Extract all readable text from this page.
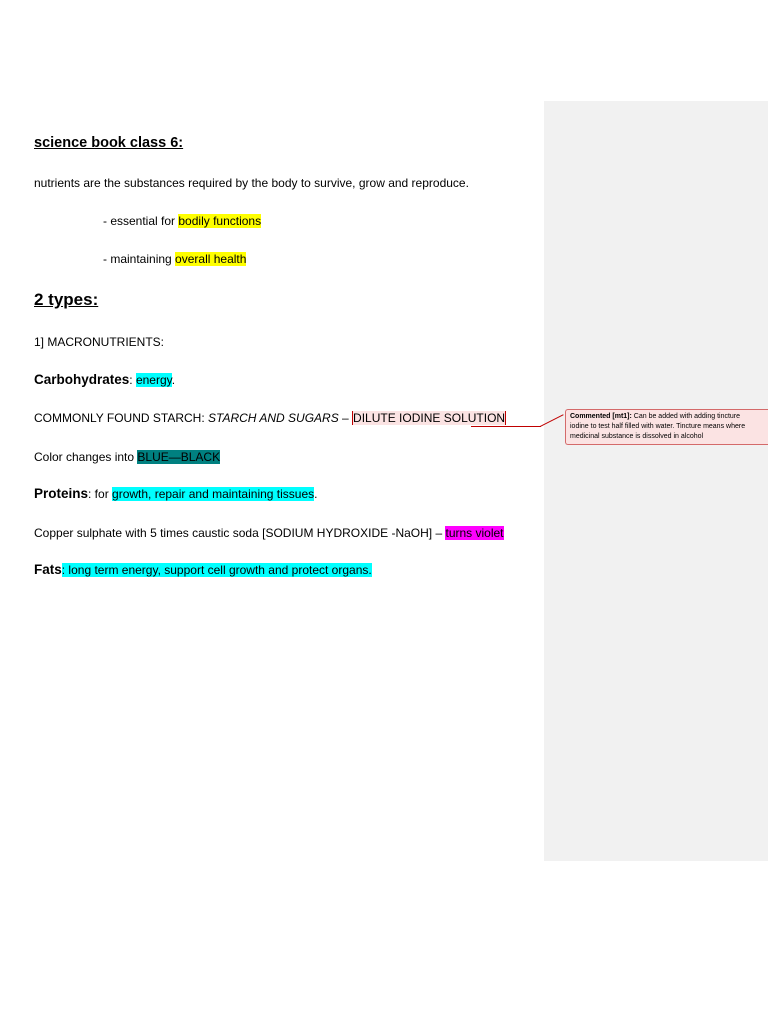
science book class 6:
nutrients are the substances required by the body to survive, grow and reproduce.
- essential for bodily functions
- maintaining overall health
2 types:
1] MACRONUTRIENTS:
Carbohydrates: energy.
COMMONLY FOUND STARCH: STARCH AND SUGARS – DILUTE IODINE SOLUTION	Commented [mt1]: Can be added with adding tincture
iodine to test half filled with water. Tincture means where
medicinal substance is dissolved in alcohol
Color changes into BLUE—BLACK
Proteins: for growth, repair and maintaining tissues.
Copper sulphate with 5 times caustic soda [SODIUM HYDROXIDE -NaOH] – turns violet
Fats: long term energy, support cell growth and protect organs.
